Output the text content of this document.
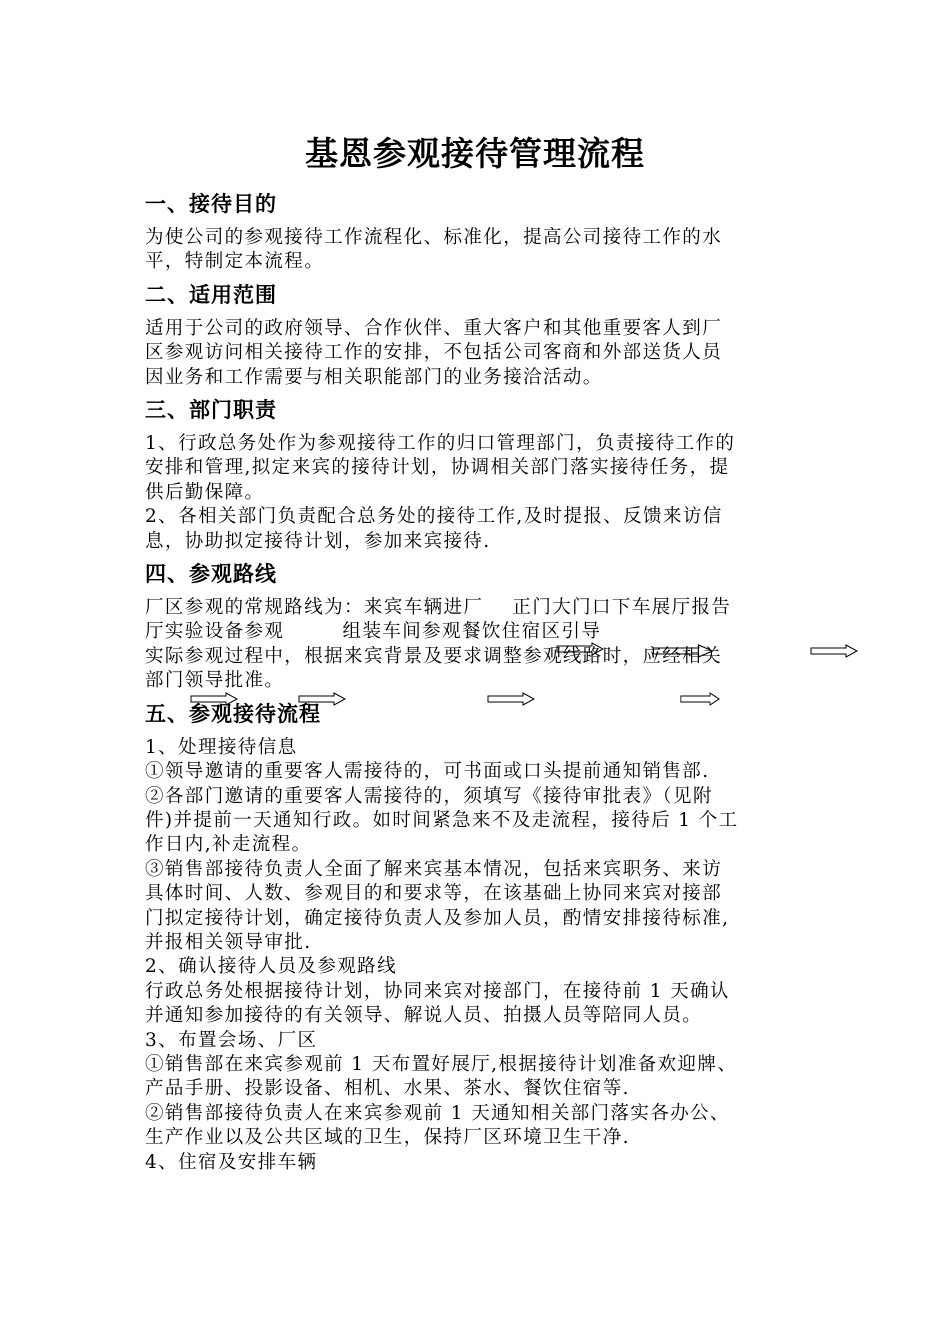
基恩参观接待管理流程
一、接待目的
为使公司的参观接待工作流程化、标准化，提高公司接待工作的水
平，特制定本流程。
二、适用范围
适用于公司的政府领导、合作伙伴、重大客户和其他重要客人到厂
区参观访问相关接待工作的安排，不包括公司客商和外部送货人员
因业务和工作需要与相关职能部门的业务接洽活动。
三、部门职责
1、行政总务处作为参观接待工作的归口管理部门，负责接待工作的
安排和管理,拟定来宾的接待计划，协调相关部门落实接待任务，提
供后勤保障。
2、各相关部门负责配合总务处的接待工作,及时提报、反馈来访信
息，协助拟定接待计划，参加来宾接待.
四、参观路线
厂区参观的常规路线为：来宾车辆进厂    正门大门口下车展厅报告
厅实验设备参观        组装车间参观餐饮住宿区引导
实际参观过程中，根据来宾背景及要求调整参观线路时，应经相关
部门领导批准。
五、参观接待流程
1、处理接待信息
①领导邀请的重要客人需接待的，可书面或口头提前通知销售部.
②各部门邀请的重要客人需接待的，须填写《接待审批表》（见附
件)并提前一天通知行政。如时间紧急来不及走流程，接待后 1 个工
作日内,补走流程。
③销售部接待负责人全面了解来宾基本情况，包括来宾职务、来访
具体时间、人数、参观目的和要求等，在该基础上协同来宾对接部
门拟定接待计划，确定接待负责人及参加人员，酌情安排接待标准,
并报相关领导审批.
2、确认接待人员及参观路线
行政总务处根据接待计划，协同来宾对接部门，在接待前 1 天确认
并通知参加接待的有关领导、解说人员、拍摄人员等陪同人员。
3、布置会场、厂区
①销售部在来宾参观前 1 天布置好展厅,根据接待计划准备欢迎牌、
产品手册、投影设备、相机、水果、茶水、餐饮住宿等.
②销售部接待负责人在来宾参观前 1 天通知相关部门落实各办公、
生产作业以及公共区域的卫生，保持厂区环境卫生干净.
4、住宿及安排车辆
